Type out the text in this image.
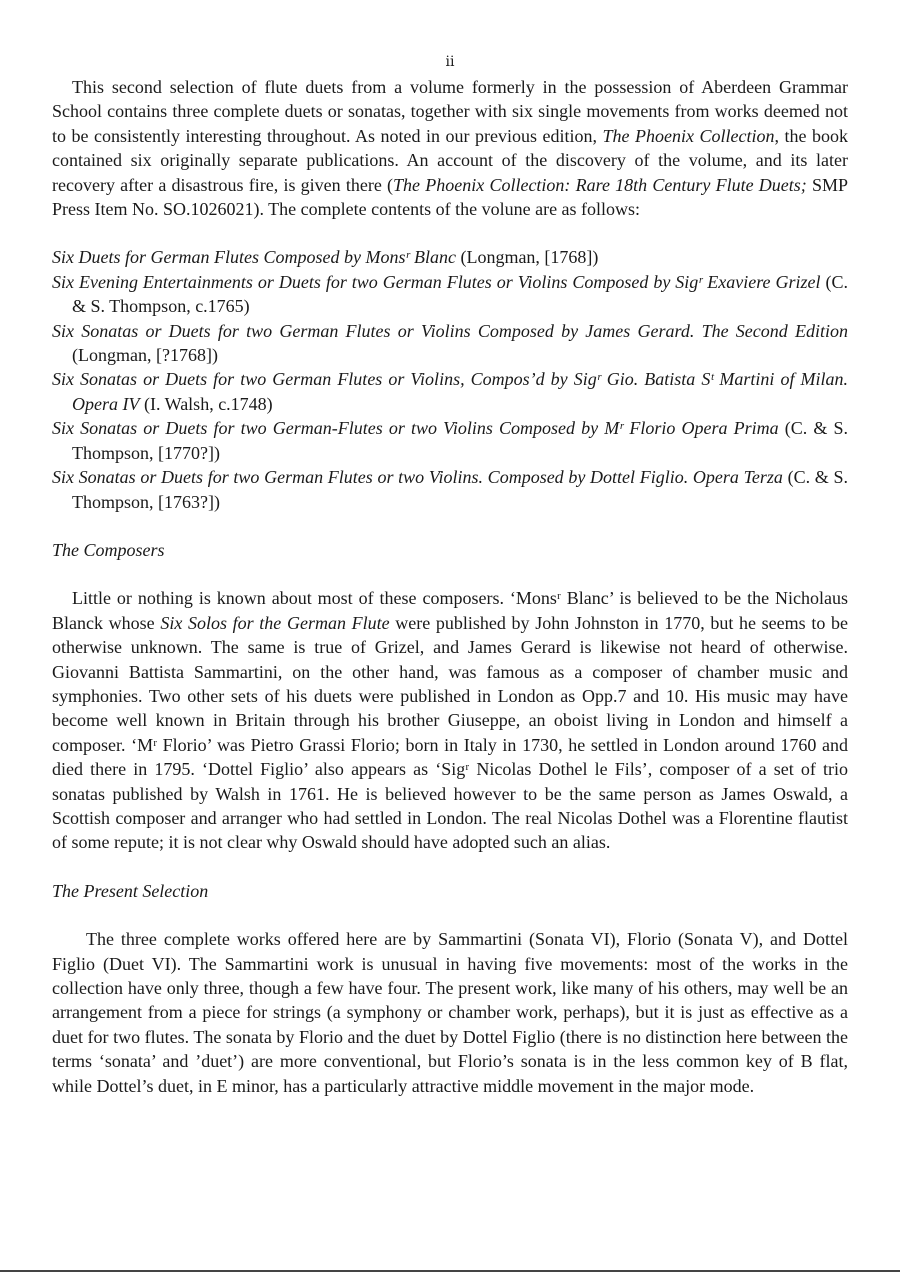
ii

This second selection of flute duets from a volume formerly in the possession of Aberdeen Grammar School contains three complete duets or sonatas, together with six single movements from works deemed not to be consistently interesting throughout. As noted in our previous edition, The Phoenix Collection, the book contained six originally separate publications. An account of the discovery of the volume, and its later recovery after a disastrous fire, is given there (The Phoenix Collection: Rare 18th Century Flute Duets; SMP Press Item No. SO.1026021). The complete contents of the volune are as follows:

Six Duets for German Flutes Composed by Monsʳ Blanc (Longman, [1768])

Six Evening Entertainments or Duets for two German Flutes or Violins Composed by Sigʳ Exaviere Grizel (C. & S. Thompson, c.1765)

Six Sonatas or Duets for two German Flutes or Violins Composed by James Gerard. The Second Edition (Longman, [?1768])

Six Sonatas or Duets for two German Flutes or Violins, Compos’d by Sigʳ Gio. Batista Sᵗ Martini of Milan. Opera IV (I. Walsh, c.1748)

Six Sonatas or Duets for two German-Flutes or two Violins Composed by Mʳ Florio Opera Prima (C. & S. Thompson, [1770?])

Six Sonatas or Duets for two German Flutes or two Violins. Composed by Dottel Figlio. Opera Terza (C. & S. Thompson, [1763?])

The Composers

Little or nothing is known about most of these composers. ‘Monsʳ Blanc’ is believed to be the Nicholaus Blanck whose Six Solos for the German Flute were published by John Johnston in 1770, but he seems to be otherwise unknown. The same is true of Grizel, and James Gerard is likewise not heard of otherwise. Giovanni Battista Sammartini, on the other hand, was famous as a composer of chamber music and symphonies. Two other sets of his duets were published in London as Opp.7 and 10. His music may have become well known in Britain through his brother Giuseppe, an oboist living in London and himself a composer. ‘Mʳ Florio’ was Pietro Grassi Florio; born in Italy in 1730, he settled in London around 1760 and died there in 1795. ‘Dottel Figlio’ also appears as ‘Sigʳ Nicolas Dothel le Fils’, composer of a set of trio sonatas published by Walsh in 1761. He is believed however to be the same person as James Oswald, a Scottish composer and arranger who had settled in London. The real Nicolas Dothel was a Florentine flautist of some repute; it is not clear why Oswald should have adopted such an alias.

The Present Selection

The three complete works offered here are by Sammartini (Sonata VI), Florio (Sonata V), and Dottel Figlio (Duet VI). The Sammartini work is unusual in having five movements: most of the works in the collection have only three, though a few have four. The present work, like many of his others, may well be an arrangement from a piece for strings (a symphony or chamber work, perhaps), but it is just as effective as a duet for two flutes. The sonata by Florio and the duet by Dottel Figlio (there is no distinction here between the terms ‘sonata’ and ’duet’) are more conventional, but Florio’s sonata is in the less common key of B flat, while Dottel’s duet, in E minor, has a particularly attractive middle movement in the major mode.
